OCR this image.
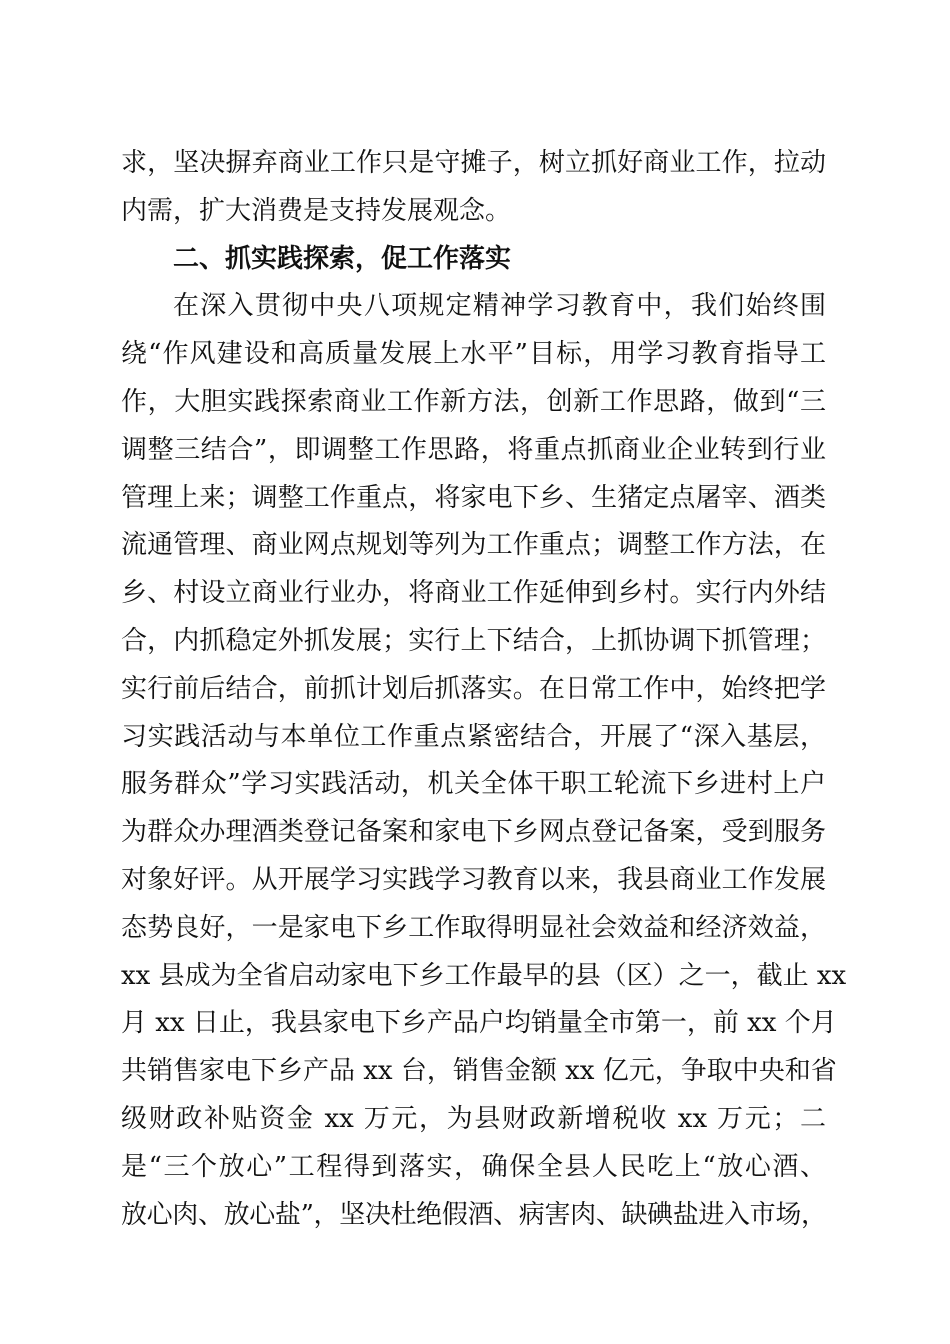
求，坚决摒弃商业工作只是守摊子，树立抓好商业工作，拉动
内需，扩大消费是支持发展观念。
二、抓实践探索，促工作落实
在深入贯彻中央八项规定精神学习教育中，我们始终围
绕“作风建设和高质量发展上水平”目标，用学习教育指导工
作，大胆实践探索商业工作新方法，创新工作思路，做到“三
调整三结合”，即调整工作思路，将重点抓商业企业转到行业
管理上来；调整工作重点，将家电下乡、生猪定点屠宰、酒类
流通管理、商业网点规划等列为工作重点；调整工作方法，在
乡、村设立商业行业办，将商业工作延伸到乡村。实行内外结
合，内抓稳定外抓发展；实行上下结合，上抓协调下抓管理；
实行前后结合，前抓计划后抓落实。在日常工作中，始终把学
习实践活动与本单位工作重点紧密结合，开展了“深入基层，
服务群众”学习实践活动，机关全体干职工轮流下乡进村上户
为群众办理酒类登记备案和家电下乡网点登记备案，受到服务
对象好评。从开展学习实践学习教育以来，我县商业工作发展
态势良好，一是家电下乡工作取得明显社会效益和经济效益，
xx 县成为全省启动家电下乡工作最早的县（区）之一，截止 xx
月 xx 日止，我县家电下乡产品户均销量全市第一，前 xx 个月
共销售家电下乡产品 xx 台，销售金额 xx 亿元，争取中央和省
级财政补贴资金 xx 万元，为县财政新增税收 xx 万元；二
是“三个放心”工程得到落实，确保全县人民吃上“放心酒、
放心肉、放心盐”，坚决杜绝假酒、病害肉、缺碘盐进入市场，
